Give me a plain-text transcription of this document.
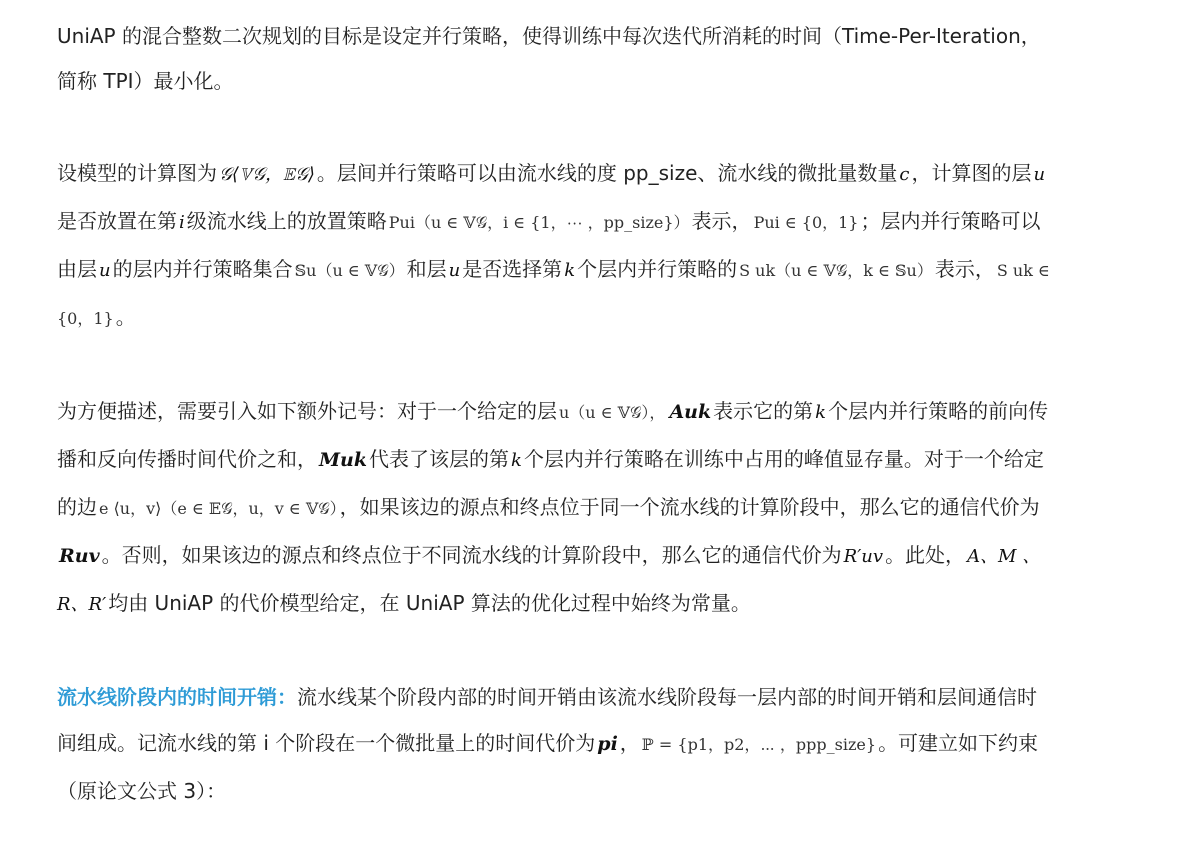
UniAP 的混合整数二次规划的目标是设定并行策略，使得训练中每次迭代所消耗的时间（Time-Per-Iteration，简称 TPI）最小化。

设模型的计算图为 𝒢⟨𝕍𝒢，𝔼𝒢⟩ 。层间并行策略可以由流水线的度 pp_size、流水线的微批量数量 c ，计算图的层 u是否放置在第 i 级流水线上的放置策略 Pui（u ∈ 𝕍𝒢，i ∈ {1，⋯ ，pp_size}） 表示， Pui ∈ {0，1} ；层内并行策略可以由层 u 的层内并行策略集合 𝕊u（u ∈ 𝕍𝒢） 和层 u 是否选择第 k 个层内并行策略的 S uk（u ∈ 𝕍𝒢，k ∈ 𝕊u） 表示， S uk ∈ {0，1} 。

为方便描述，需要引入如下额外记号：对于一个给定的层 u（u ∈ 𝕍𝒢）， Auk 表示它的第 k 个层内并行策略的前向传播和反向传播时间代价之和， Muk 代表了该层的第 k 个层内并行策略在训练中占用的峰值显存量。对于一个给定的边 e ⟨u，v⟩（e ∈ 𝔼𝒢，u，v ∈ 𝕍𝒢） ，如果该边的源点和终点位于同一个流水线的计算阶段中，那么它的通信代价为Ruv 。否则，如果该边的源点和终点位于不同流水线的计算阶段中，那么它的通信代价为 R′uv 。此处， A、M 、R、R′ 均由 UniAP 的代价模型给定，在 UniAP 算法的优化过程中始终为常量。

流水线阶段内的时间开销：流水线某个阶段内部的时间开销由该流水线阶段每一层内部的时间开销和层间通信时间组成。记流水线的第 i 个阶段在一个微批量上的时间代价为 pi ， ℙ = {p1，p2，⋯ ，ppp_size} 。可建立如下约束（原论文公式 3）：
